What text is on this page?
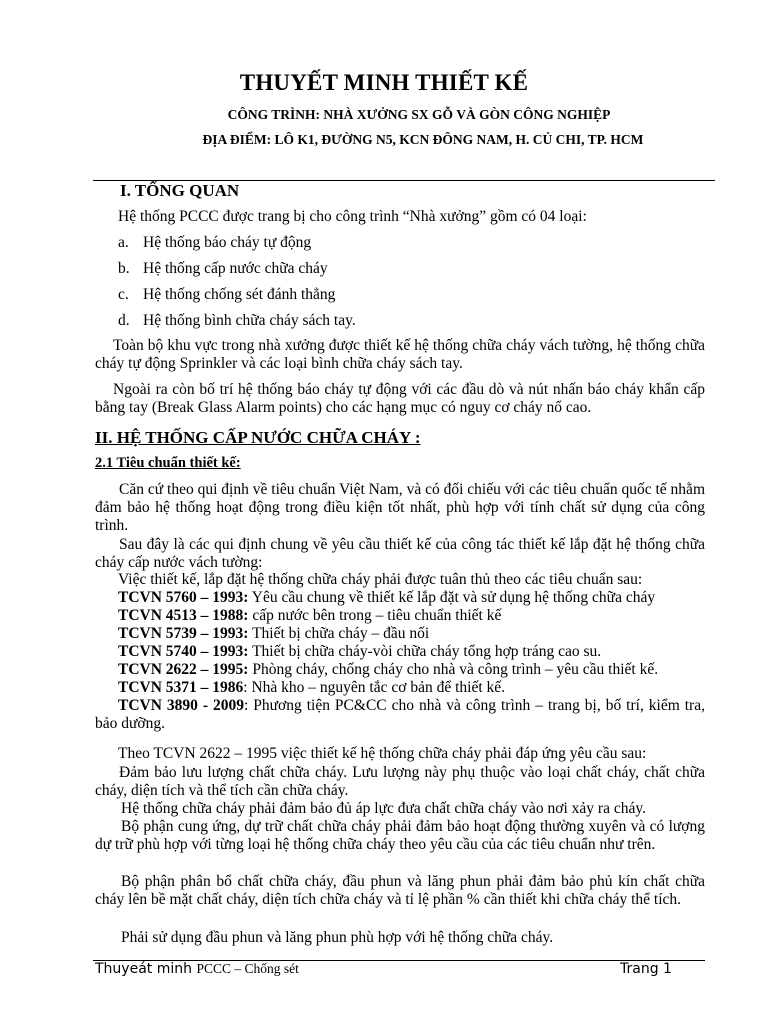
THUYẾT MINH THIẾT KẾ
CÔNG TRÌNH: NHÀ XƯỞNG SX GỖ VÀ GÒN CÔNG NGHIỆP
ĐỊA ĐIỂM: LÔ K1, ĐƯỜNG N5, KCN ĐÔNG NAM, H. CỦ CHI, TP. HCM
I. TỔNG QUAN
Hệ thống PCCC được trang bị cho công trình “Nhà xưởng” gồm có 04 loại:
a. Hệ thống báo cháy tự động
b. Hệ thống cấp nước chữa cháy
c. Hệ thống chống sét đánh thẳng
d. Hệ thống bình chữa cháy sách tay.
Toàn bộ khu vực trong nhà xưởng được thiết kế hệ thống chữa cháy vách tường, hệ thống chữa cháy tự động Sprinkler và các loại bình chữa cháy sách tay.
Ngoài ra còn bố trí hệ thống báo cháy tự động với các đầu dò và nút nhấn báo cháy khẩn cấp bằng tay (Break Glass Alarm points) cho các hạng mục có nguy cơ cháy nổ cao.
II. HỆ THỐNG CẤP NƯỚC CHỮA CHÁY :
2.1 Tiêu chuẩn thiết kế:
Căn cứ theo qui định về tiêu chuẩn Việt Nam, và có đối chiếu với các tiêu chuẩn quốc tế nhằm đảm bảo hệ thống hoạt động trong điều kiện tốt nhất, phù hợp với tính chất sử dụng của công trình.
Sau đây là các qui định chung về yêu cầu thiết kế của công tác thiết kế lắp đặt hệ thống chữa cháy cấp nước vách tường:
Việc thiết kế, lắp đặt hệ thống chữa cháy phải được tuân thủ theo các tiêu chuẩn sau:
TCVN 5760 – 1993: Yêu cầu chung về thiết kế lắp đặt và sử dụng hệ thống chữa cháy
TCVN 4513 – 1988: cấp nước bên trong – tiêu chuẩn thiết kế
TCVN 5739 – 1993: Thiết bị chữa cháy – đầu nối
TCVN 5740 – 1993: Thiết bị chữa cháy-vòi chữa cháy tổng hợp tráng cao su.
TCVN 2622 – 1995: Phòng cháy, chống cháy cho nhà và công trình – yêu cầu thiết kế.
TCVN 5371 – 1986: Nhà kho – nguyên tắc cơ bản để thiết kế.
TCVN 3890 - 2009: Phương tiện PC&CC cho nhà và công trình – trang bị, bố trí, kiểm tra, bảo dưỡng.
Theo TCVN 2622 – 1995 việc thiết kế hệ thống chữa cháy phải đáp ứng yêu cầu sau:
Đảm bảo lưu lượng chất chữa cháy. Lưu lượng này phụ thuộc vào loại chất cháy, chất chữa cháy, diện tích và thể tích cần chữa cháy.
Hệ thống chữa cháy phải đảm bảo đủ áp lực đưa chất chữa cháy vào nơi xảy ra cháy.
Bộ phận cung ứng, dự trữ chất chữa cháy phải đảm bảo hoạt động thường xuyên và có lượng dự trữ phù hợp với từng loại hệ thống chữa cháy theo yêu cầu của các tiêu chuẩn như trên.
Bộ phận phân bổ chất chữa cháy, đầu phun và lăng phun phải đảm bảo phủ kín chất chữa cháy lên bề mặt chất cháy, diện tích chữa cháy và tỉ lệ phần % cần thiết khi chữa cháy thể tích.
Phải sử dụng đầu phun và lăng phun phù hợp với hệ thống chữa cháy.
Thuyeát minh PCCC – Chống sét	Trang 1
